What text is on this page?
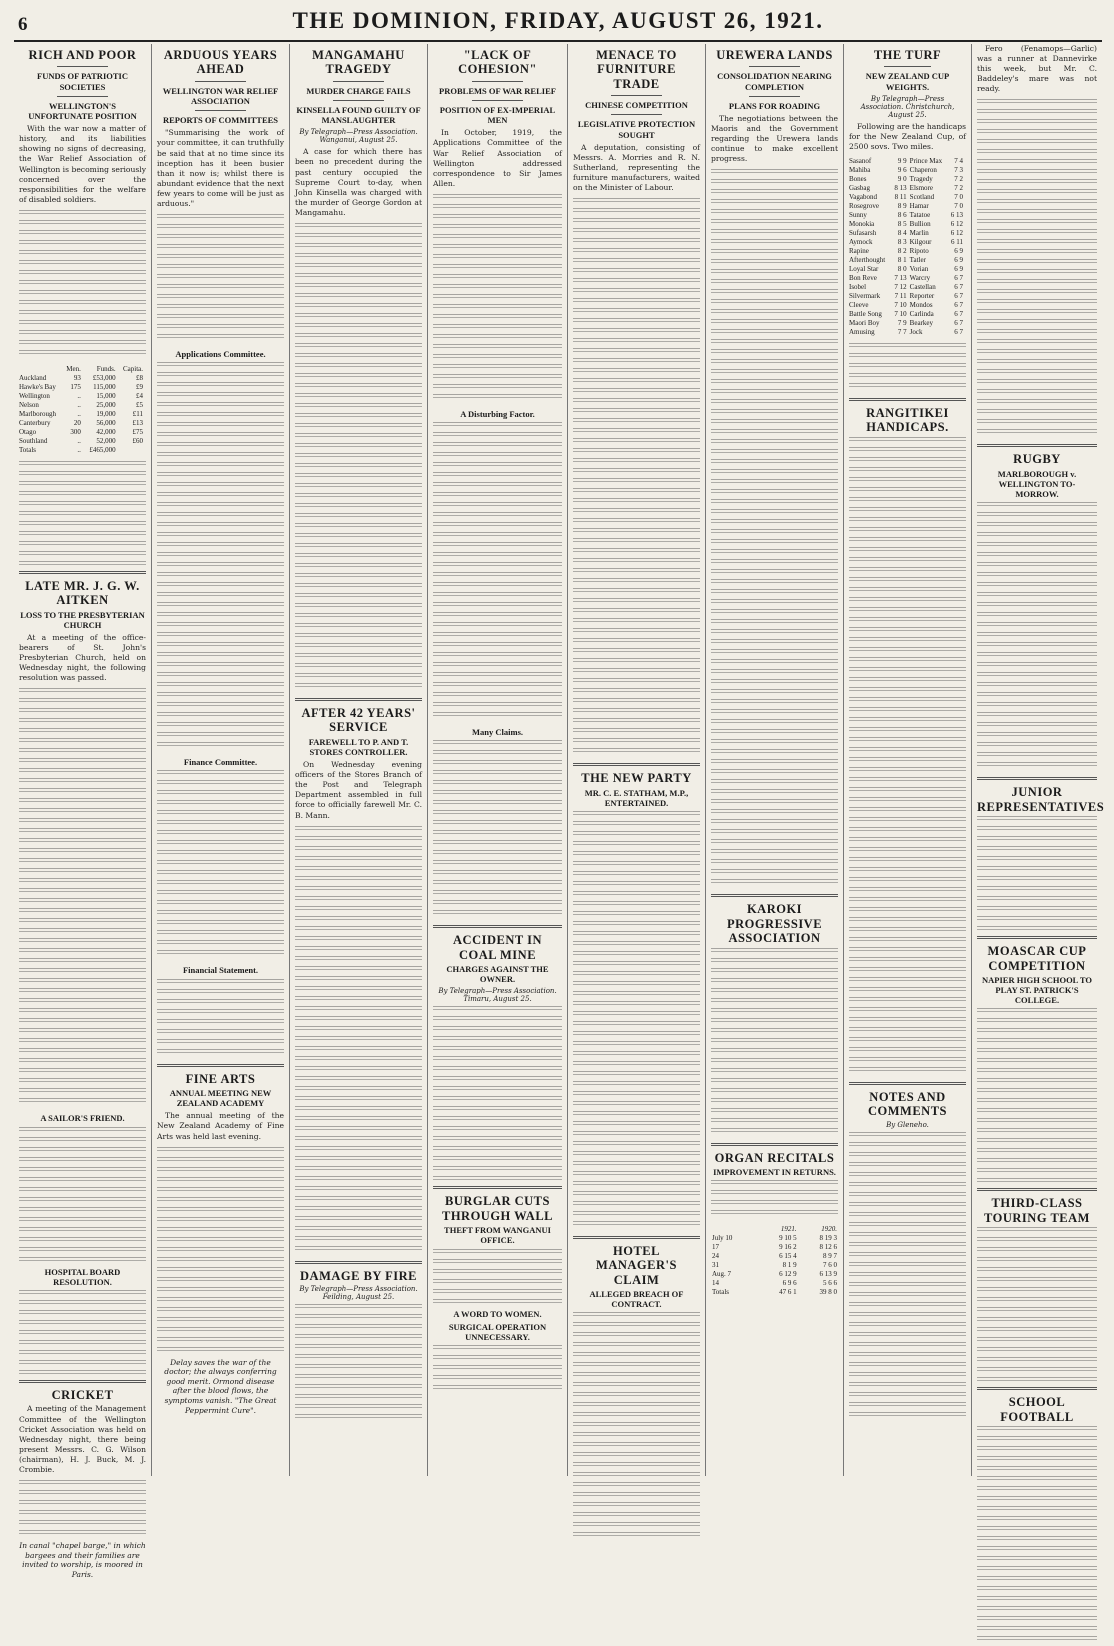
6	THE DOMINION, FRIDAY, AUGUST 26, 1921.
RICH AND POOR
FUNDS OF PATRIOTIC SOCIETIES
WELLINGTON'S UNFORTUNATE POSITION

With the war now a matter of history, and its liabilities showing no signs of decreasing, the War Relief Association of Wellington is becoming seriously concerned over the responsibilities for the welfare of disabled soldiers.

	Men.	Funds.	Capita.
Auckland	93	£53,000	£8
Hawke's Bay	175	115,000	£9
Wellington	..	15,000	£4
Nelson	..	25,000	£5
Marlborough	..	19,000	£11
Canterbury	20	56,000	£13
Otago	300	42,000	£75
Southland	..	52,000	£60
Totals	..	£465,000	
LATE MR. J. G. W. AITKEN
LOSS TO THE PRESBYTERIAN CHURCH

At a meeting of the office-bearers of St. John's Presbyterian Church, held on Wednesday night, the following resolution was passed.

A SAILOR'S FRIEND.
HOSPITAL BOARD RESOLUTION.
CRICKET

A meeting of the Management Committee of the Wellington Cricket Association was held on Wednesday night, there being present Messrs. C. G. Wilson (chairman), H. J. Buck, M. J. Crombie.

In canal "chapel barge," in which bargees and their families are invited to worship, is moored in Paris.
ARDUOUS YEARS AHEAD
WELLINGTON WAR RELIEF ASSOCIATION
REPORTS OF COMMITTEES

"Summarising the work of your committee, it can truthfully be said that at no time since its inception has it been busier than it now is; whilst there is abundant evidence that the next few years to come will be just as arduous."

Applications Committee.
Finance Committee.
Financial Statement.
FINE ARTS
ANNUAL MEETING NEW ZEALAND ACADEMY

The annual meeting of the New Zealand Academy of Fine Arts was held last evening.

Delay saves the war of the doctor; the always conferring good merit. Ormond disease after the blood flows, the symptoms vanish. "The Great Peppermint Cure".
MANGAMAHU TRAGEDY
MURDER CHARGE FAILS
KINSELLA FOUND GUILTY OF MANSLAUGHTER

By Telegraph—Press Association. Wanganui, August 25.

A case for which there has been no precedent during the past century occupied the Supreme Court to-day, when John Kinsella was charged with the murder of George Gordon at Mangamahu.

AFTER 42 YEARS' SERVICE
FAREWELL TO P. AND T. STORES CONTROLLER.

On Wednesday evening officers of the Stores Branch of the Post and Telegraph Department assembled in full force to officially farewell Mr. C. B. Mann.

DAMAGE BY FIRE

By Telegraph—Press Association. Feilding, August 25.

"LACK OF COHESION"
PROBLEMS OF WAR RELIEF
POSITION OF EX-IMPERIAL MEN

In October, 1919, the Applications Committee of the War Relief Association of Wellington addressed correspondence to Sir James Allen.

A Disturbing Factor.
Many Claims.
ACCIDENT IN COAL MINE
CHARGES AGAINST THE OWNER.

By Telegraph—Press Association. Timaru, August 25.

BURGLAR CUTS THROUGH WALL
THEFT FROM WANGANUI OFFICE.
A WORD TO WOMEN.
SURGICAL OPERATION UNNECESSARY.
MENACE TO FURNITURE TRADE
CHINESE COMPETITION
LEGISLATIVE PROTECTION SOUGHT

A deputation, consisting of Messrs. A. Morries and R. N. Sutherland, representing the furniture manufacturers, waited on the Minister of Labour.

THE NEW PARTY
MR. C. E. STATHAM, M.P., ENTERTAINED.
HOTEL MANAGER'S CLAIM
ALLEGED BREACH OF CONTRACT.
UREWERA LANDS
CONSOLIDATION NEARING COMPLETION
PLANS FOR ROADING

The negotiations between the Maoris and the Government regarding the Urewera lands continue to make excellent progress.

KAROKI PROGRESSIVE ASSOCIATION
ORGAN RECITALS
IMPROVEMENT IN RETURNS.
	1921.	1920.
July 10	9 10 5	8 19 3
17	9 16 2	8 12 6
24	6 15 4	8 9 7
31	8 1 9	7 6 0
Aug. 7	6 12 9	6 13 9
14	6 9 6	5 6 6
Totals	47 6 1	39 8 0
THE TURF
NEW ZEALAND CUP WEIGHTS.

By Telegraph—Press Association. Christchurch, August 25.

Following are the handicaps for the New Zealand Cup, of 2500 sovs. Two miles.

Sasanof	9 9	Prince Max	7 4
Mahiba	9 6	Chaperon	7 3
Bones	9 0	Tragedy	7 2
Gasbag	8 13	Elsmore	7 2
Vagabond	8 11	Scotland	7 0
Rosegrove	8 9	Hamar	7 0
Sunny	8 6	Tatatoe	6 13
Monokia	8 5	Bullion	6 12
Sufasarsh	8 4	Marlin	6 12
Aymock	8 3	Kilgour	6 11
Rapine	8 2	Ripoto	6 9
Afterthought	8 1	Tatler	6 9
Loyal Star	8 0	Vorian	6 9
Bon Reve	7 13	Warcry	6 7
Isobel	7 12	Castellan	6 7
Silvermark	7 11	Reporter	6 7
Cleeve	7 10	Mondos	6 7
Battle Song	7 10	Carlinda	6 7
Maori Boy	7 9	Bearkey	6 7
Amusing	7 7	Jock	6 7
RANGITIKEI HANDICAPS.
NOTES AND COMMENTS

By Gleneho.

Fero (Fenamops—Garlic) was a runner at Dannevirke this week, but Mr. C. Baddeley's mare was not ready.

RUGBY
MARLBOROUGH v. WELLINGTON TO-MORROW.
JUNIOR REPRESENTATIVES
MOASCAR CUP COMPETITION
NAPIER HIGH SCHOOL TO PLAY ST. PATRICK'S COLLEGE.
THIRD-CLASS TOURING TEAM
SCHOOL FOOTBALL
